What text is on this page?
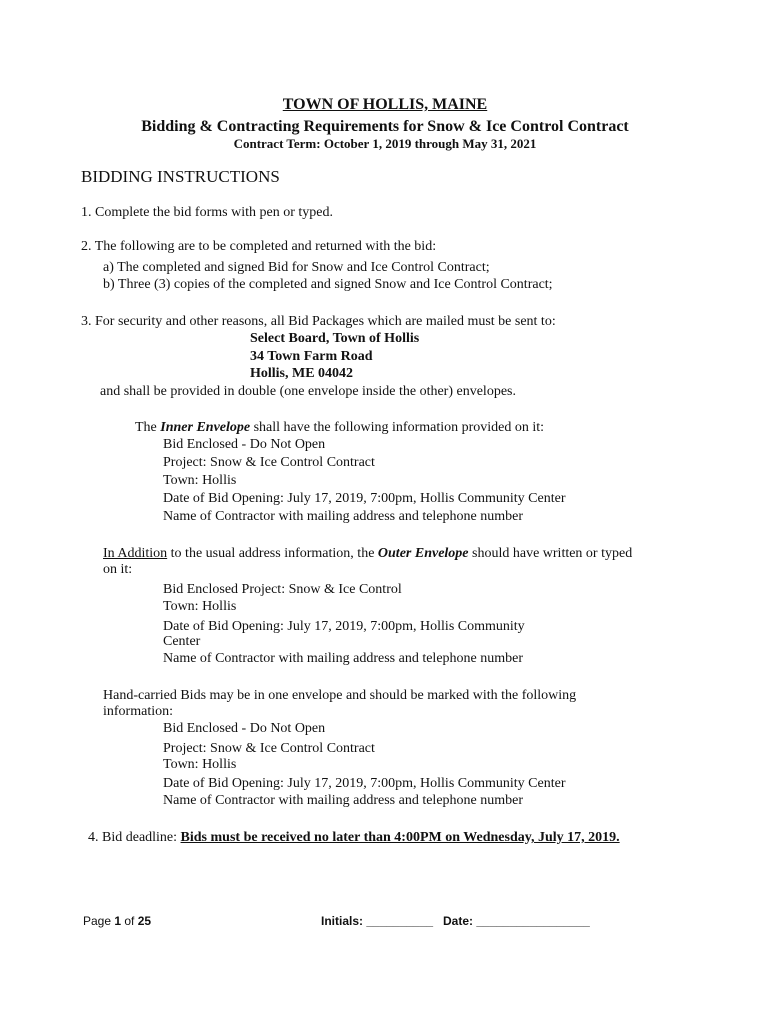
TOWN OF HOLLIS, MAINE
Bidding & Contracting Requirements for Snow & Ice Control Contract
Contract Term: October 1, 2019 through May 31, 2021
BIDDING INSTRUCTIONS
1. Complete the bid forms with pen or typed.
2. The following are to be completed and returned with the bid:
a) The completed and signed Bid for Snow and Ice Control Contract;
b) Three (3) copies of the completed and signed Snow and Ice Control Contract;
3. For security and other reasons, all Bid Packages which are mailed must be sent to:
Select Board, Town of Hollis
34 Town Farm Road
Hollis, ME 04042
and shall be provided in double (one envelope inside the other) envelopes.
The Inner Envelope shall have the following information provided on it:
Bid Enclosed - Do Not Open
Project: Snow & Ice Control Contract
Town: Hollis
Date of Bid Opening: July 17, 2019, 7:00pm, Hollis Community Center
Name of Contractor with mailing address and telephone number
In Addition to the usual address information, the Outer Envelope should have written or typed
on it:
Bid Enclosed Project: Snow & Ice Control
Town: Hollis
Date of Bid Opening: July 17, 2019, 7:00pm, Hollis Community
Center
Name of Contractor with mailing address and telephone number
Hand-carried Bids may be in one envelope and should be marked with the following
information:
Bid Enclosed - Do Not Open
Project: Snow & Ice Control Contract
Town: Hollis
Date of Bid Opening: July 17, 2019, 7:00pm, Hollis Community Center
Name of Contractor with mailing address and telephone number
4. Bid deadline: Bids must be received no later than 4:00PM on Wednesday, July 17, 2019.
Page 1 of 25	Initials: __________ Date: _________________
